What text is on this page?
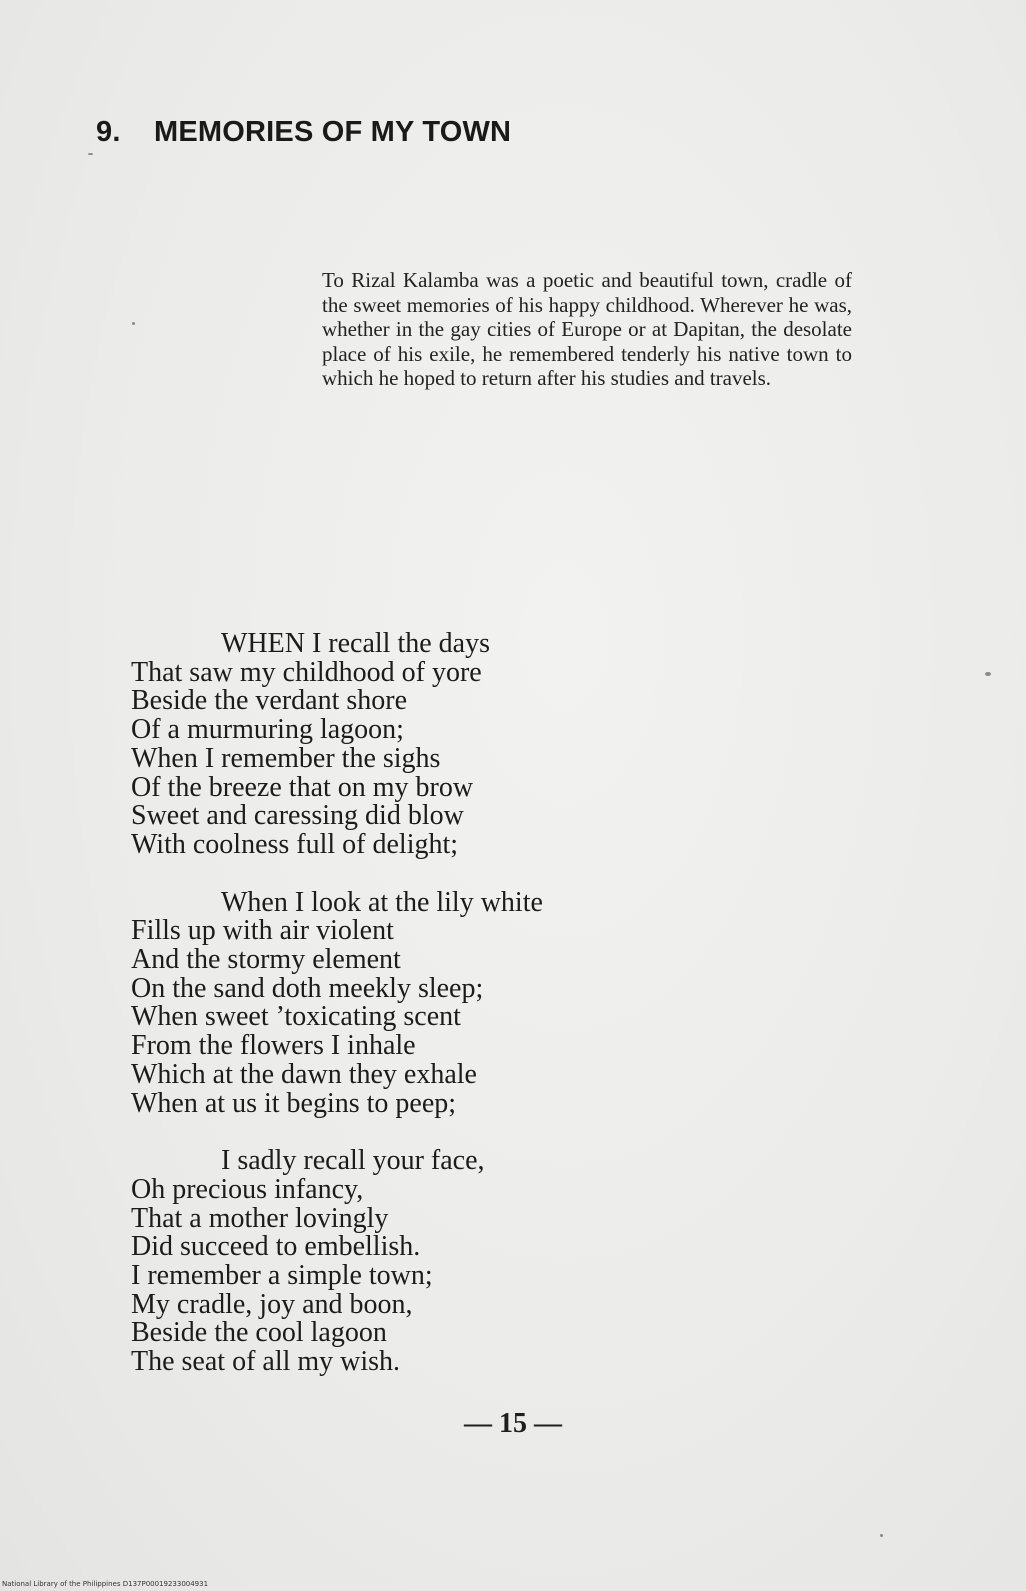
9. MEMORIES OF MY TOWN

To Rizal Kalamba was a poetic and beautiful town, cradle of the sweet memories of his happy childhood. Wherever he was, whether in the gay cities of Europe or at Dapitan, the desolate place of his exile, he remembered tenderly his native town to which he hoped to return after his studies and travels.

WHEN I recall the days
That saw my childhood of yore
Beside the verdant shore
Of a murmuring lagoon;
When I remember the sighs
Of the breeze that on my brow
Sweet and caressing did blow
With coolness full of delight;
When I look at the lily white
Fills up with air violent
And the stormy element
On the sand doth meekly sleep;
When sweet ’toxicating scent
From the flowers I inhale
Which at the dawn they exhale
When at us it begins to peep;
I sadly recall your face,
Oh precious infancy,
That a mother lovingly
Did succeed to embellish.
I remember a simple town;
My cradle, joy and boon,
Beside the cool lagoon
The seat of all my wish.
— 15 —
National Library of the Philippines D137P00019233004931
